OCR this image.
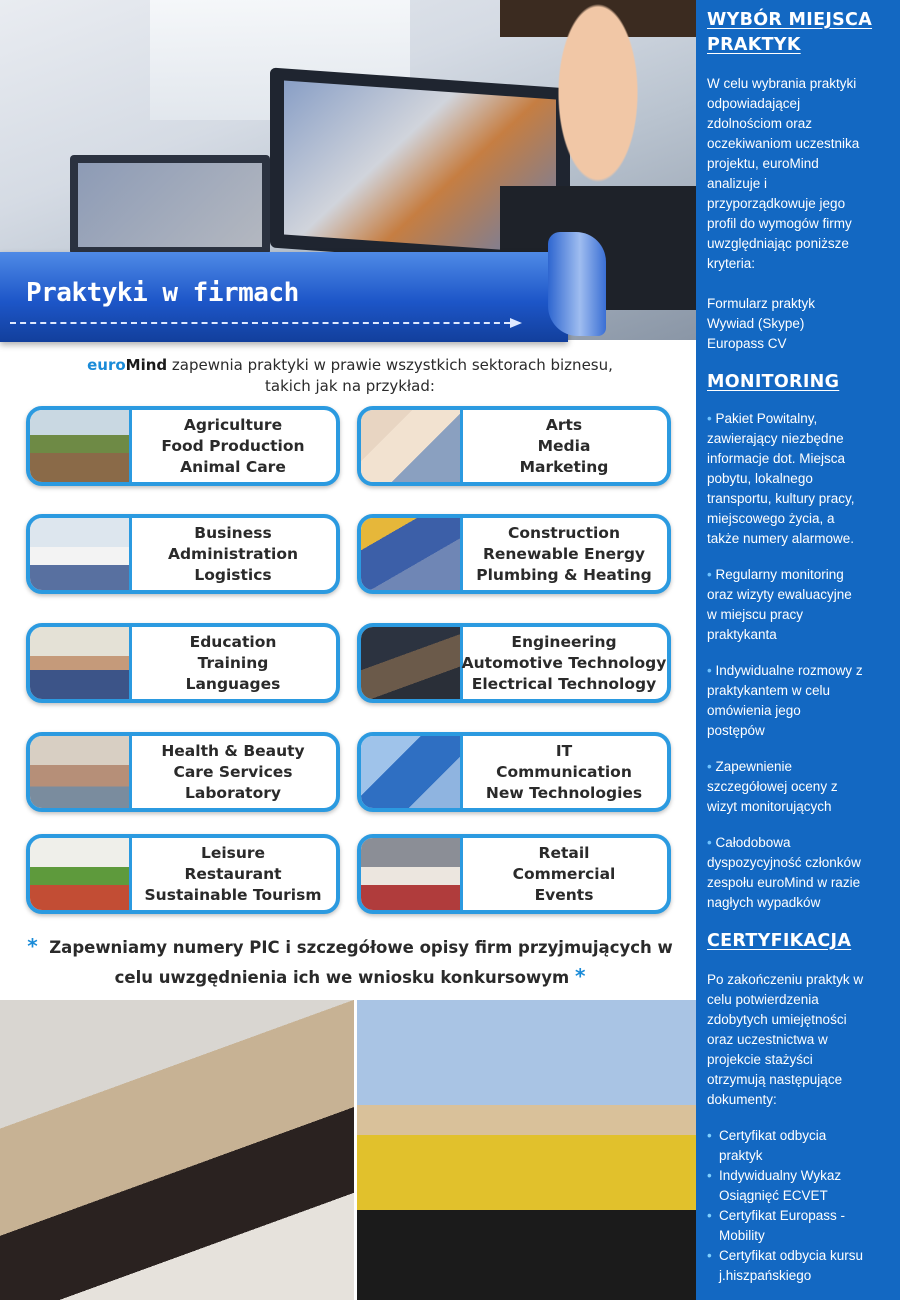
Praktyki w firmach
euroMind zapewnia praktyki w prawie wszystkich sektorach biznesu,
takich jak na przykład:
Agriculture
Food Production
Animal Care
Arts
Media
Marketing
Business
Administration
Logistics
Construction
Renewable Energy
Plumbing & Heating
Education
Training
Languages
Engineering
Automotive Technology
Electrical Technology
Health & Beauty
Care Services
Laboratory
IT
Communication
New Technologies
Leisure
Restaurant
Sustainable Tourism
Retail
Commercial
Events
* Zapewniamy numery PIC i szczegółowe opisy firm przyjmujących w
celu uwzgędnienia ich we wniosku konkursowym *
WYBÓR MIEJSCA
PRAKTYK
W celu wybrania praktyki
odpowiadającej
zdolnościom oraz
oczekiwaniom uczestnika
projektu, euroMind
analizuje i
przyporządkowuje jego
profil do wymogów firmy
uwzględniając poniższe
kryteria:
Formularz praktyk
Wywiad (Skype)
Europass CV
MONITORING
• Pakiet Powitalny,
zawierający niezbędne
informacje dot. Miejsca
pobytu, lokalnego
transportu, kultury pracy,
miejscowego życia, a
także numery alarmowe.
• Regularny monitoring
oraz wizyty ewaluacyjne
w miejscu pracy
praktykanta
• Indywidualne rozmowy z
praktykantem w celu
omówienia jego
postępów
• Zapewnienie
szczegółowej oceny z
wizyt monitorujących
• Całodobowa
dyspozycyjność członków
zespołu euroMind w razie
nagłych wypadków
CERTYFIKACJA
Po zakończeniu praktyk w
celu potwierdzenia
zdobytych umiejętności
oraz uczestnictwa w
projekcie stażyści
otrzymują następujące
dokumenty:
• Certyfikat odbycia
praktyk
• Indywidualny Wykaz
Osiągnięć ECVET
• Certyfikat Europass -
Mobility
• Certyfikat odbycia kursu
j.hiszpańskiego
